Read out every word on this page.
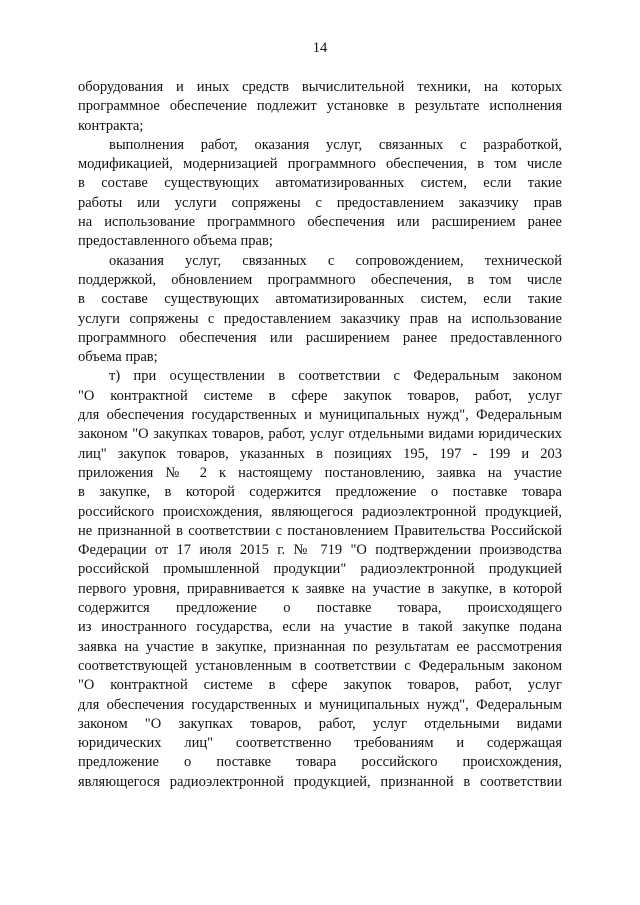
14
оборудования и иных средств вычислительной техники, на которых
программное обеспечение подлежит установке в результате исполнения
контракта;
выполнения работ, оказания услуг, связанных с разработкой,
модификацией, модернизацией программного обеспечения, в том числе
в составе существующих автоматизированных систем, если такие
работы или услуги сопряжены с предоставлением заказчику прав
на использование программного обеспечения или расширением ранее
предоставленного объема прав;
оказания услуг, связанных с сопровождением, технической
поддержкой, обновлением программного обеспечения, в том числе
в составе существующих автоматизированных систем, если такие
услуги сопряжены с предоставлением заказчику прав на использование
программного обеспечения или расширением ранее предоставленного
объема прав;
т) при осуществлении в соответствии с Федеральным законом
"О контрактной системе в сфере закупок товаров, работ, услуг
для обеспечения государственных и муниципальных нужд", Федеральным
законом "О закупках товаров, работ, услуг отдельными видами юридических
лиц" закупок товаров, указанных в позициях 195, 197 - 199 и 203
приложения № 2 к настоящему постановлению, заявка на участие
в закупке, в которой содержится предложение о поставке товара
российского происхождения, являющегося радиоэлектронной продукцией,
не признанной в соответствии с постановлением Правительства Российской
Федерации от 17 июля 2015 г. № 719 "О подтверждении производства
российской промышленной продукции" радиоэлектронной продукцией
первого уровня, приравнивается к заявке на участие в закупке, в которой
содержится предложение о поставке товара, происходящего
из иностранного государства, если на участие в такой закупке подана
заявка на участие в закупке, признанная по результатам ее рассмотрения
соответствующей установленным в соответствии с Федеральным законом
"О контрактной системе в сфере закупок товаров, работ, услуг
для обеспечения государственных и муниципальных нужд", Федеральным
законом "О закупках товаров, работ, услуг отдельными видами
юридических лиц" соответственно требованиям и содержащая
предложение о поставке товара российского происхождения,
являющегося радиоэлектронной продукцией, признанной в соответствии
